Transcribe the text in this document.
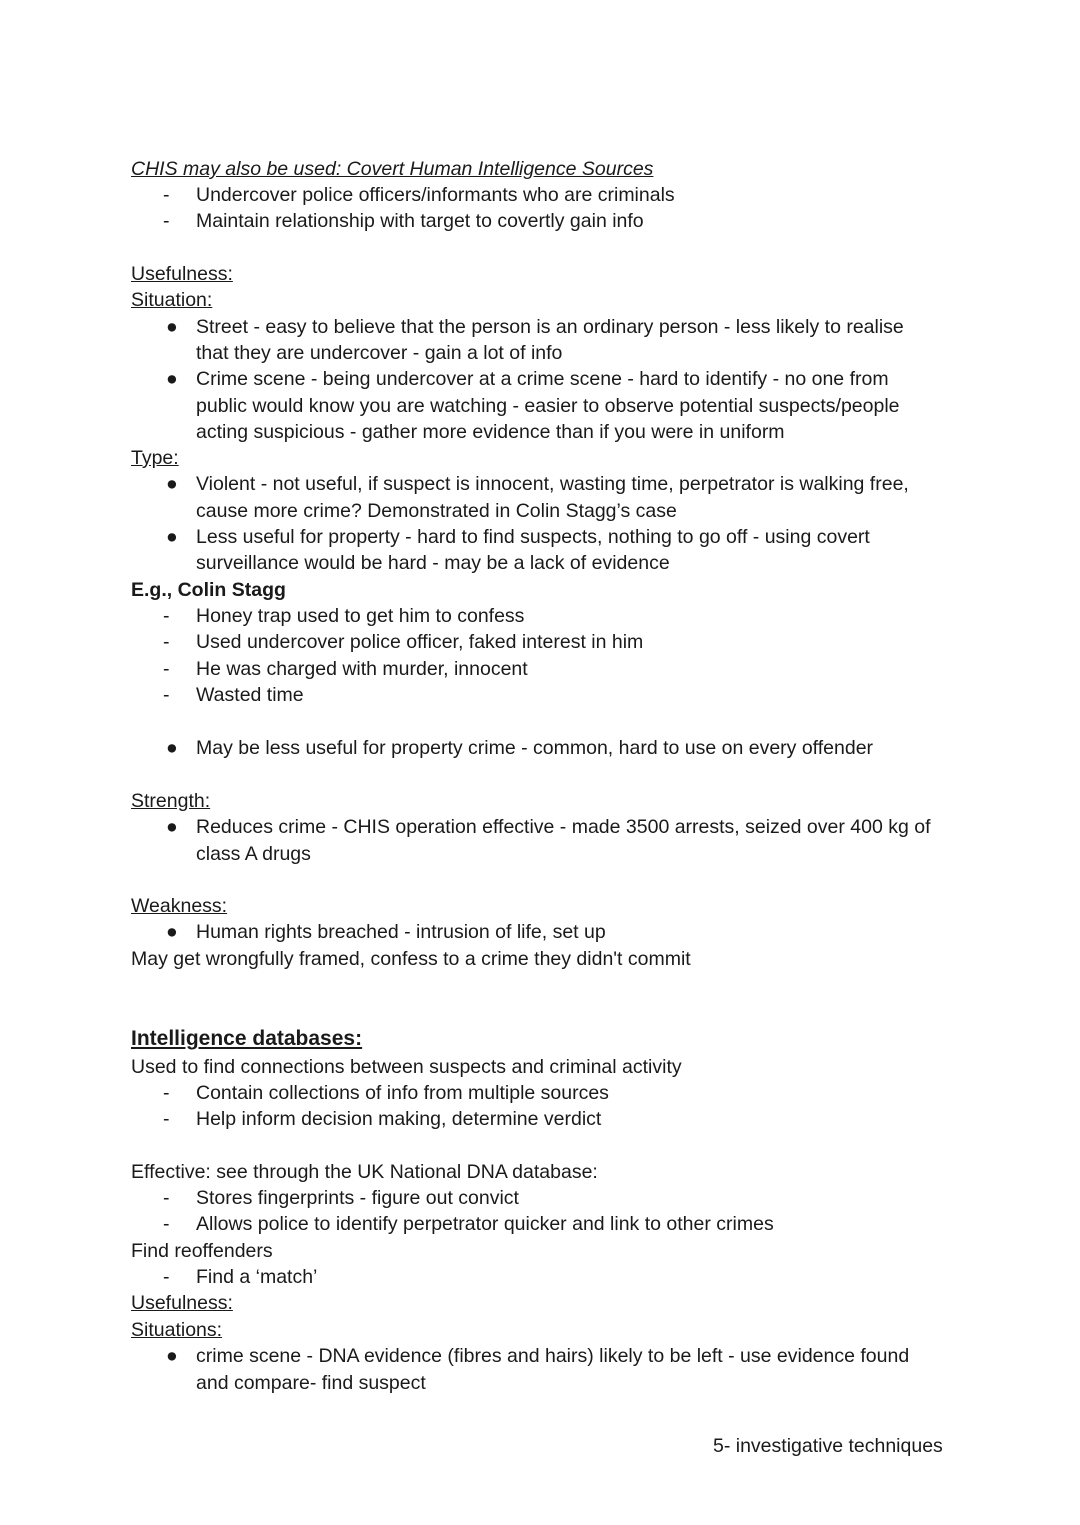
CHIS may also be used: Covert Human Intelligence Sources
- Undercover police officers/informants who are criminals
- Maintain relationship with target to covertly gain info
Usefulness:
Situation:
● Street - easy to believe that the person is an ordinary person - less likely to realise
that they are undercover - gain a lot of info
● Crime scene - being undercover at a crime scene - hard to identify - no one from
public would know you are watching - easier to observe potential suspects/people
acting suspicious - gather more evidence than if you were in uniform
Type:
● Violent - not useful, if suspect is innocent, wasting time, perpetrator is walking free,
cause more crime? Demonstrated in Colin Stagg’s case
● Less useful for property - hard to find suspects, nothing to go off - using covert
surveillance would be hard - may be a lack of evidence
E.g., Colin Stagg
- Honey trap used to get him to confess
- Used undercover police officer, faked interest in him
- He was charged with murder, innocent
- Wasted time
● May be less useful for property crime - common, hard to use on every offender
Strength:
● Reduces crime - CHIS operation effective - made 3500 arrests, seized over 400 kg of
class A drugs
Weakness:
● Human rights breached - intrusion of life, set up
May get wrongfully framed, confess to a crime they didn't commit
Intelligence databases:
Used to find connections between suspects and criminal activity
- Contain collections of info from multiple sources
- Help inform decision making, determine verdict
Effective: see through the UK National DNA database:
- Stores fingerprints - figure out convict
- Allows police to identify perpetrator quicker and link to other crimes
Find reoffenders
- Find a ‘match’
Usefulness:
Situations:
● crime scene - DNA evidence (fibres and hairs) likely to be left - use evidence found
and compare- find suspect
5- investigative techniques
